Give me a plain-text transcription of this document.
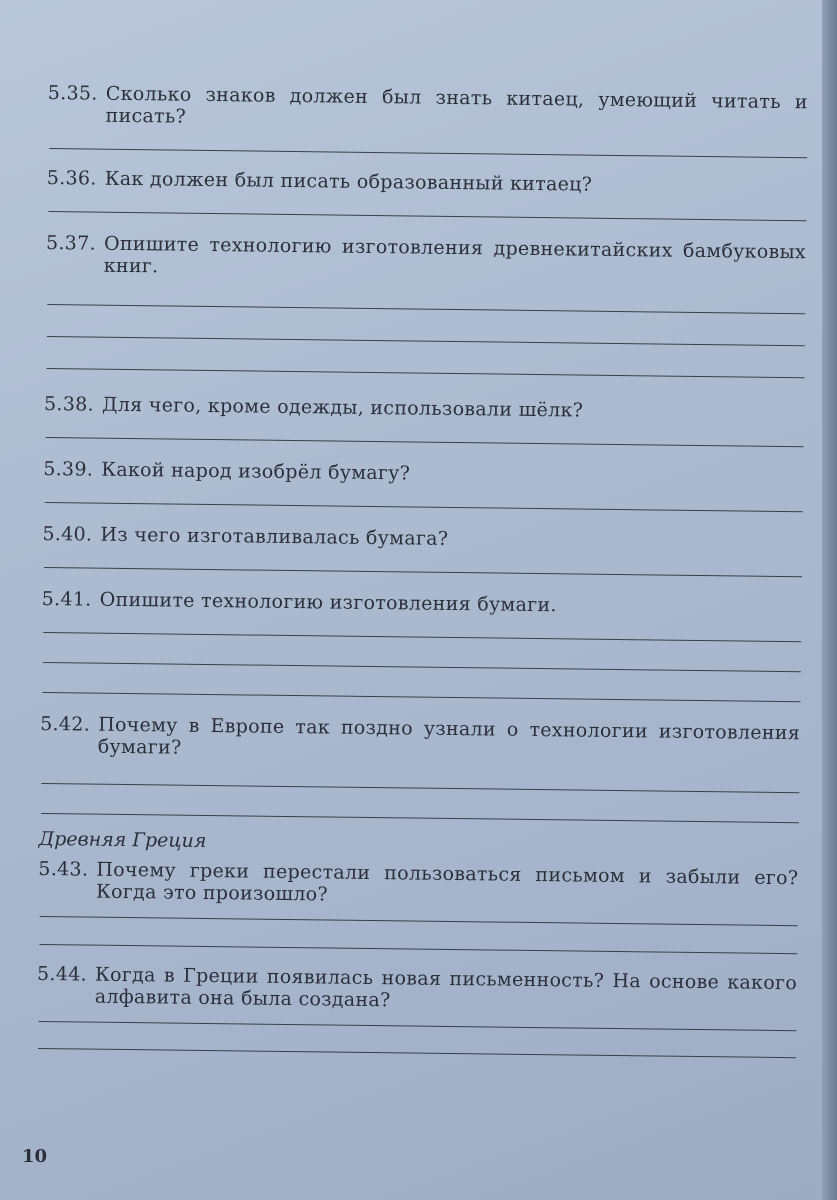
5.35. Сколько знаков должен был знать китаец, умеющий читать и писать?
5.36. Как должен был писать образованный китаец?
5.37. Опишите технологию изготовления древнекитайских бамбуковых книг.
5.38. Для чего, кроме одежды, использовали шёлк?
5.39. Какой народ изобрёл бумагу?
5.40. Из чего изготавливалась бумага?
5.41. Опишите технологию изготовления бумаги.
5.42. Почему в Европе так поздно узнали о технологии изготовления бумаги?
Древняя Греция
5.43. Почему греки перестали пользоваться письмом и забыли его? Когда это произошло?
5.44. Когда в Греции появилась новая письменность? На основе какого алфавита она была создана?
10
